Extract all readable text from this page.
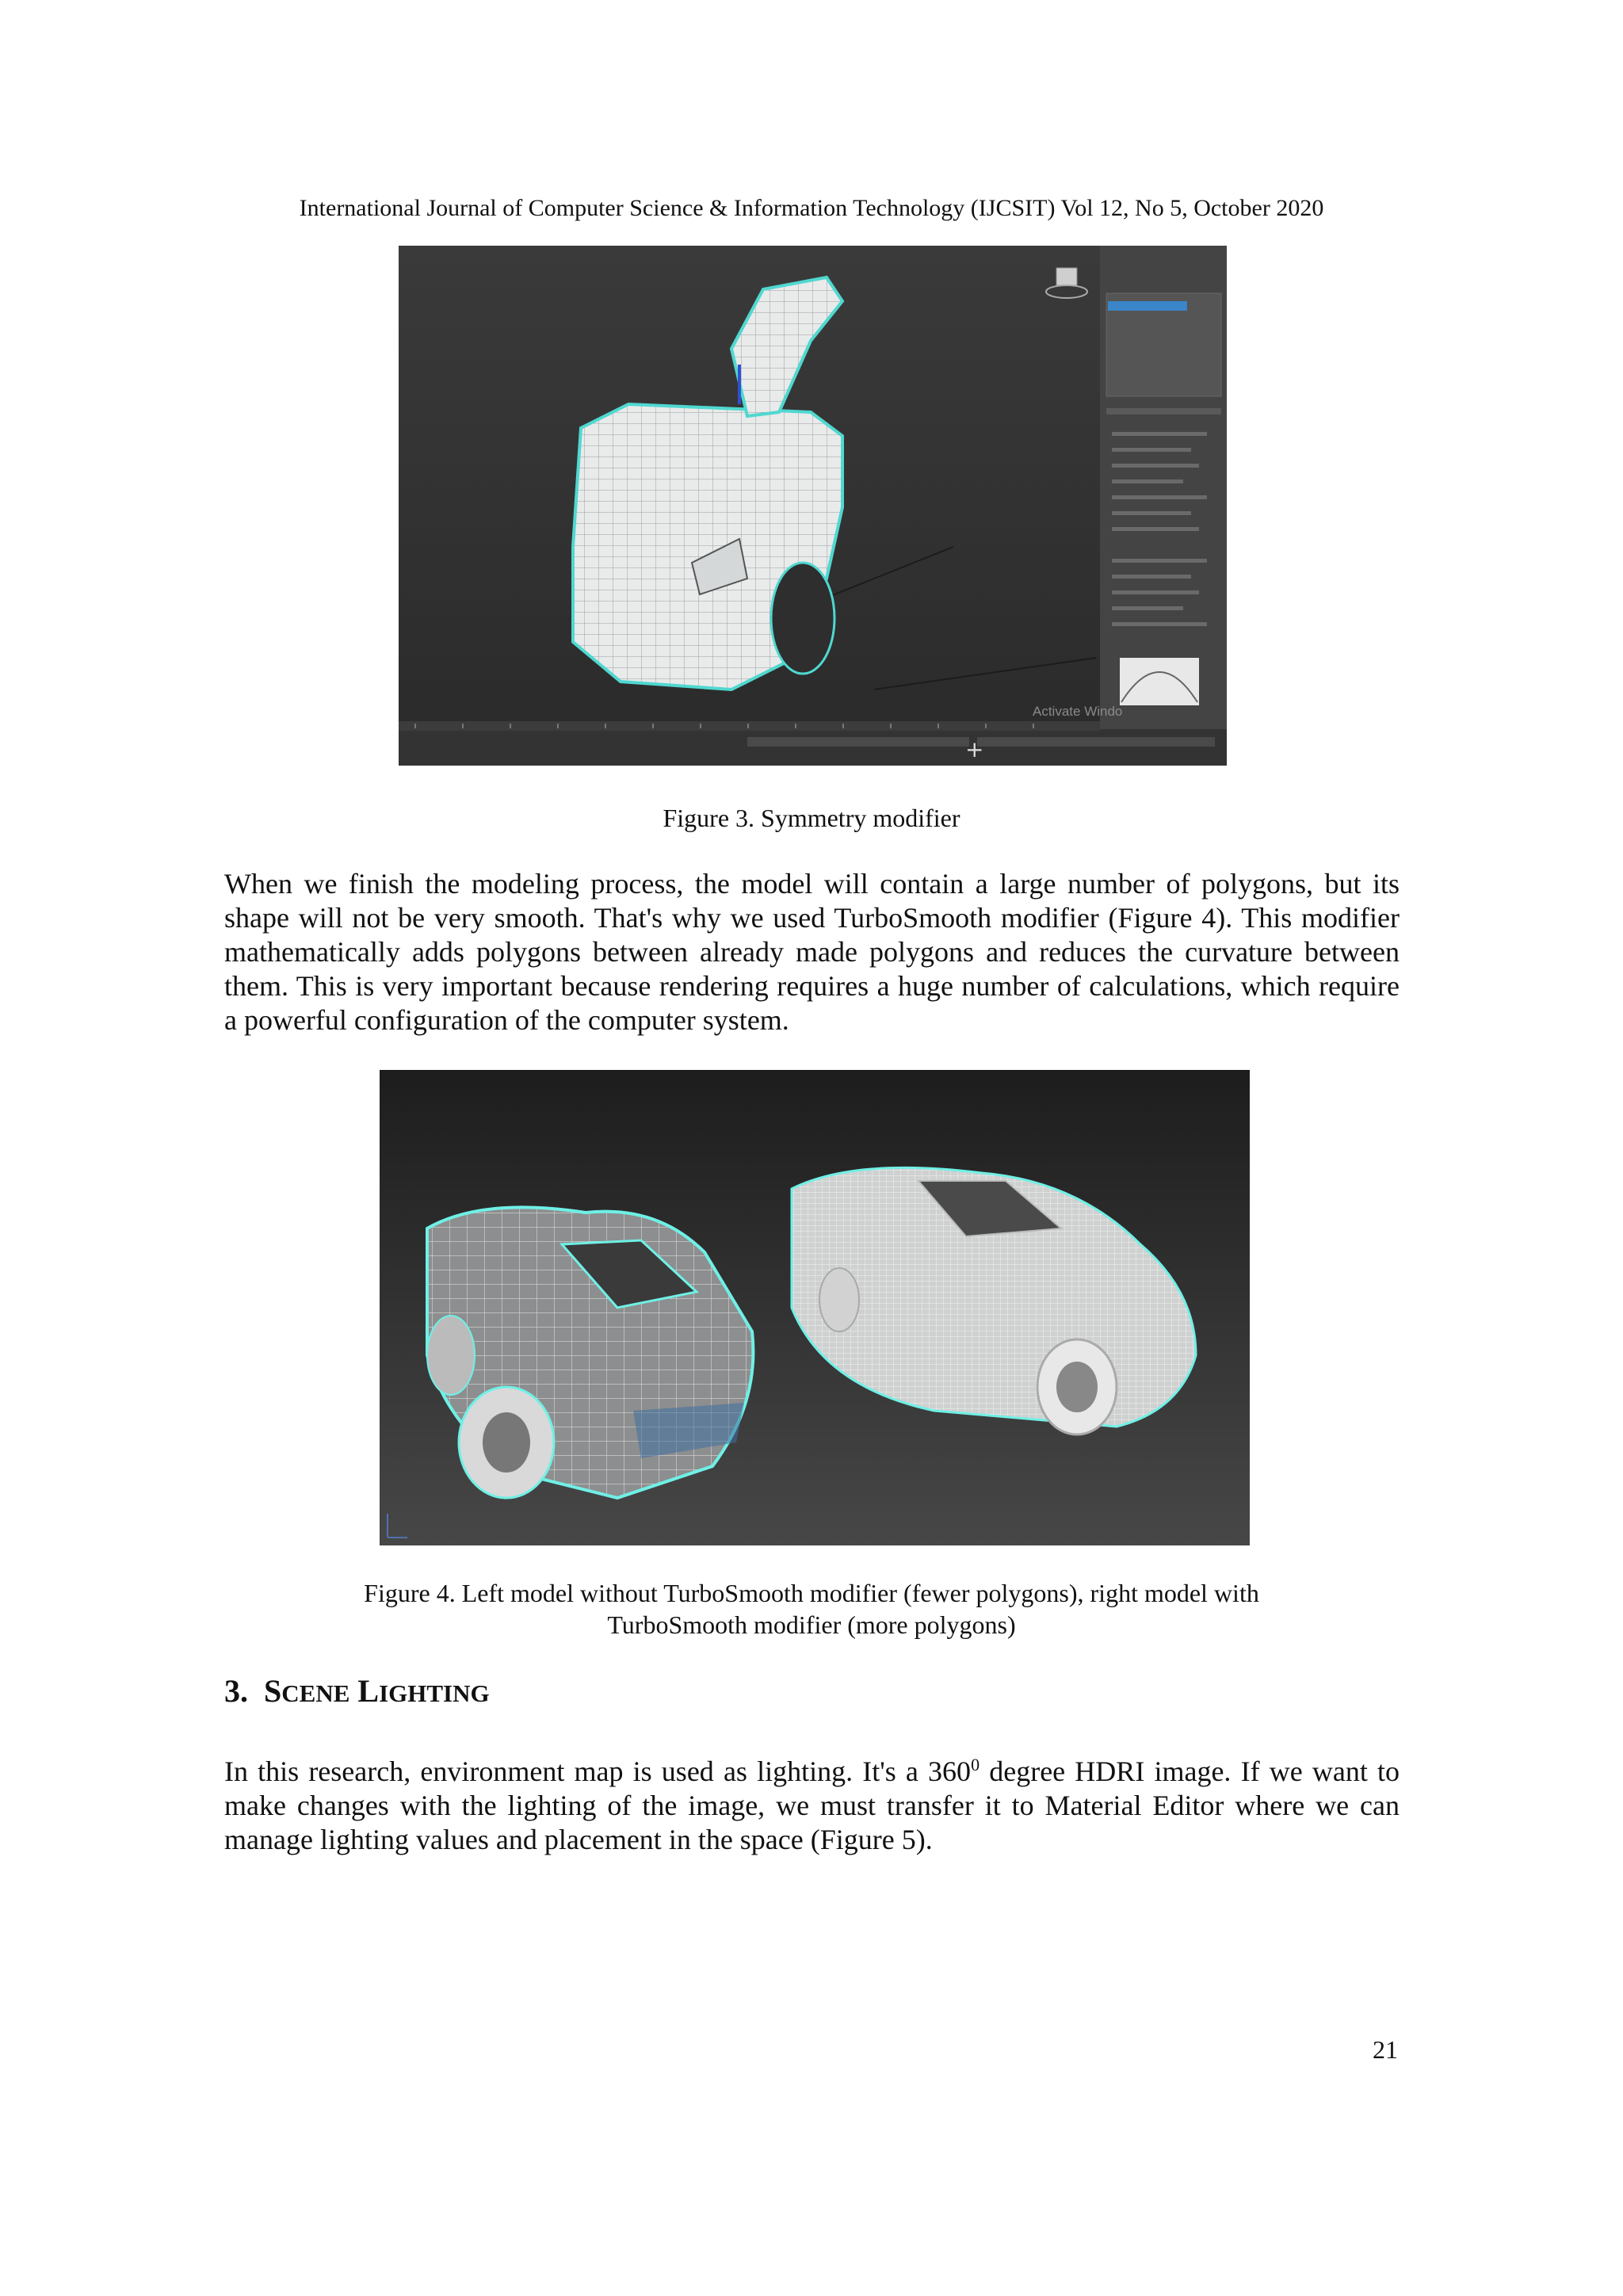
International Journal of Computer Science & Information Technology (IJCSIT) Vol 12, No 5, October 2020
Activate Windo
+
Figure 3. Symmetry modifier
When we finish the modeling process, the model will contain a large number of polygons, but its shape will not be very smooth. That's why we used TurboSmooth modifier (Figure 4). This modifier mathematically adds polygons between already made polygons and reduces the curvature between them. This is very important because rendering requires a huge number of calculations, which require a powerful configuration of the computer system.
Figure 4. Left model without TurboSmooth modifier (fewer polygons), right model with
TurboSmooth modifier (more polygons)
3. SCENE LIGHTING
In this research, environment map is used as lighting. It's a $360^0$ degree HDRI image. If we want to make changes with the lighting of the image, we must transfer it to Material Editor where we can manage lighting values and placement in the space (Figure 5).
21
